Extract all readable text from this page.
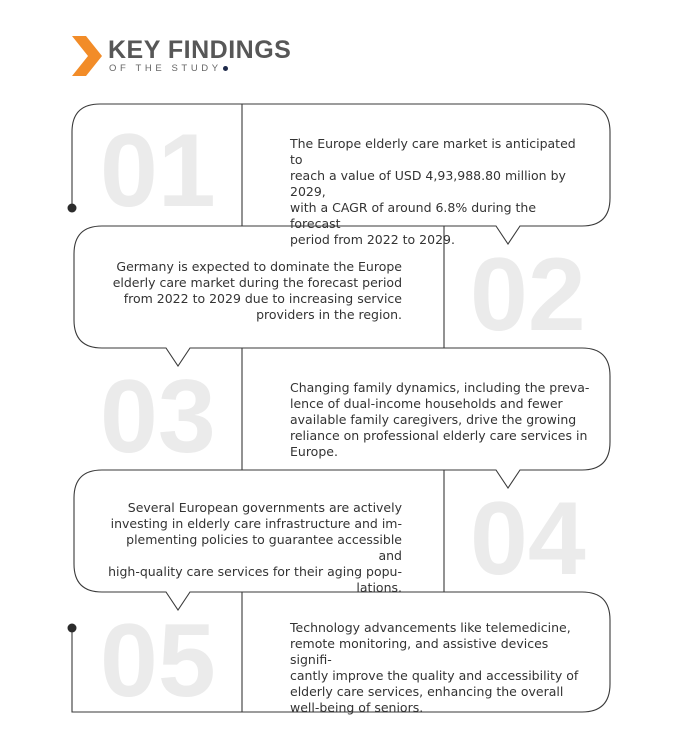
KEY FINDINGS
OF THE STUDY
01
02
03
04
05
The Europe elderly care market is anticipated to
reach a value of USD 4,93,988.80 million by 2029,
with a CAGR of around 6.8% during the forecast
period from 2022 to 2029.
Germany is expected to dominate the Europe
elderly care market during the forecast period
from 2022 to 2029 due to increasing service
providers in the region.
Changing family dynamics, including the preva-
lence of dual-income households and fewer
available family caregivers, drive the growing
reliance on professional elderly care services in
Europe.
Several European governments are actively
investing in elderly care infrastructure and im-
plementing policies to guarantee accessible and
high-quality care services for their aging popu-
lations.
Technology advancements like telemedicine,
remote monitoring, and assistive devices signifi-
cantly improve the quality and accessibility of
elderly care services, enhancing the overall
well-being of seniors.
